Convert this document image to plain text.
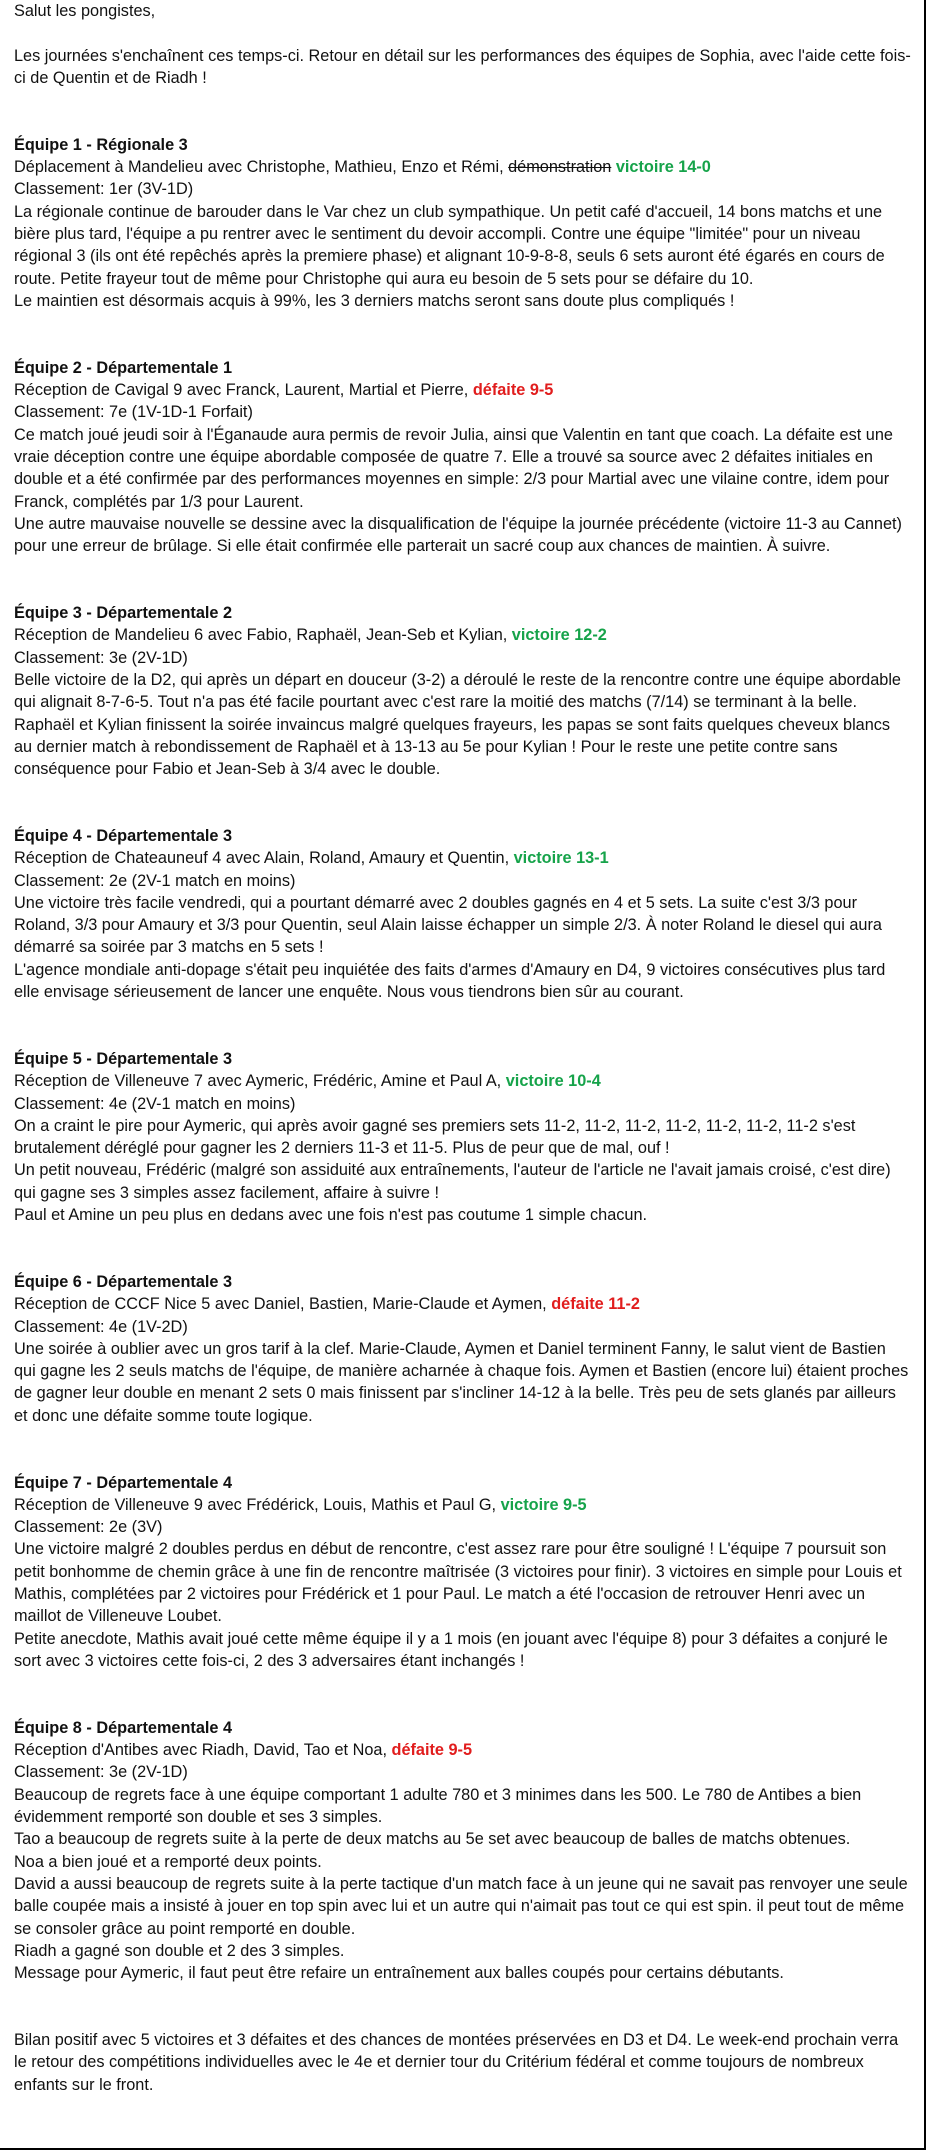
Salut les pongistes,

Les journées s'enchaînent ces temps-ci. Retour en détail sur les performances des équipes de Sophia, avec l'aide cette fois-ci de Quentin et de Riadh !

Équipe 1 - Régionale 3

Déplacement à Mandelieu avec Christophe, Mathieu, Enzo et Rémi, démonstration victoire 14-0

Classement: 1er (3V-1D)

La régionale continue de barouder dans le Var chez un club sympathique. Un petit café d'accueil, 14 bons matchs et une bière plus tard, l'équipe a pu rentrer avec le sentiment du devoir accompli. Contre une équipe "limitée" pour un niveau régional 3 (ils ont été repêchés après la premiere phase) et alignant 10-9-8-8, seuls 6 sets auront été égarés en cours de route. Petite frayeur tout de même pour Christophe qui aura eu besoin de 5 sets pour se défaire du 10.

Le maintien est désormais acquis à 99%, les 3 derniers matchs seront sans doute plus compliqués !

Équipe 2 - Départementale 1

Réception de Cavigal 9 avec Franck, Laurent, Martial et Pierre, défaite 9-5

Classement: 7e (1V-1D-1 Forfait)

Ce match joué jeudi soir à l'Éganaude aura permis de revoir Julia, ainsi que Valentin en tant que coach. La défaite est une vraie déception contre une équipe abordable composée de quatre 7. Elle a trouvé sa source avec 2 défaites initiales en double et a été confirmée par des performances moyennes en simple: 2/3 pour Martial avec une vilaine contre, idem pour Franck, complétés par 1/3 pour Laurent.

Une autre mauvaise nouvelle se dessine avec la disqualification de l'équipe la journée précédente (victoire 11-3 au Cannet) pour une erreur de brûlage. Si elle était confirmée elle parterait un sacré coup aux chances de maintien. À suivre.

Équipe 3 - Départementale 2

Réception de Mandelieu 6 avec Fabio, Raphaël, Jean-Seb et Kylian, victoire 12-2

Classement: 3e (2V-1D)

Belle victoire de la D2, qui après un départ en douceur (3-2) a déroulé le reste de la rencontre contre une équipe abordable qui alignait 8-7-6-5. Tout n'a pas été facile pourtant avec c'est rare la moitié des matchs (7/14) se terminant à la belle.

Raphaël et Kylian finissent la soirée invaincus malgré quelques frayeurs, les papas se sont faits quelques cheveux blancs au dernier match à rebondissement de Raphaël et à 13-13 au 5e pour Kylian ! Pour le reste une petite contre sans conséquence pour Fabio et Jean-Seb à 3/4 avec le double.

Équipe 4 - Départementale 3

Réception de Chateauneuf 4 avec Alain, Roland, Amaury et Quentin, victoire 13-1

Classement: 2e (2V-1 match en moins)

Une victoire très facile vendredi, qui a pourtant démarré avec 2 doubles gagnés en 4 et 5 sets. La suite c'est 3/3 pour Roland, 3/3 pour Amaury et 3/3 pour Quentin, seul Alain laisse échapper un simple 2/3. À noter Roland le diesel qui aura démarré sa soirée par 3 matchs en 5 sets !

L'agence mondiale anti-dopage s'était peu inquiétée des faits d'armes d'Amaury en D4, 9 victoires consécutives plus tard elle envisage sérieusement de lancer une enquête. Nous vous tiendrons bien sûr au courant.

Équipe 5 - Départementale 3

Réception de Villeneuve 7 avec Aymeric, Frédéric, Amine et Paul A, victoire 10-4

Classement: 4e (2V-1 match en moins)

On a craint le pire pour Aymeric, qui après avoir gagné ses premiers sets 11-2, 11-2, 11-2, 11-2, 11-2, 11-2, 11-2 s'est brutalement déréglé pour gagner les 2 derniers 11-3 et 11-5. Plus de peur que de mal, ouf !

Un petit nouveau, Frédéric (malgré son assiduité aux entraînements, l'auteur de l'article ne l'avait jamais croisé, c'est dire) qui gagne ses 3 simples assez facilement, affaire à suivre !

Paul et Amine un peu plus en dedans avec une fois n'est pas coutume 1 simple chacun.

Équipe 6 - Départementale 3

Réception de CCCF Nice 5 avec Daniel, Bastien, Marie-Claude et Aymen, défaite 11-2

Classement: 4e (1V-2D)

Une soirée à oublier avec un gros tarif à la clef. Marie-Claude, Aymen et Daniel terminent Fanny, le salut vient de Bastien qui gagne les 2 seuls matchs de l'équipe, de manière acharnée à chaque fois. Aymen et Bastien (encore lui) étaient proches de gagner leur double en menant 2 sets 0 mais finissent par s'incliner 14-12 à la belle. Très peu de sets glanés par ailleurs et donc une défaite somme toute logique.

Équipe 7 - Départementale 4

Réception de Villeneuve 9 avec Frédérick, Louis, Mathis et Paul G, victoire 9-5

Classement: 2e (3V)

Une victoire malgré 2 doubles perdus en début de rencontre, c'est assez rare pour être souligné ! L'équipe 7 poursuit son petit bonhomme de chemin grâce à une fin de rencontre maîtrisée (3 victoires pour finir). 3 victoires en simple pour Louis et Mathis, complétées par 2 victoires pour Frédérick et 1 pour Paul. Le match a été l'occasion de retrouver Henri avec un maillot de Villeneuve Loubet.

Petite anecdote, Mathis avait joué cette même équipe il y a 1 mois (en jouant avec l'équipe 8) pour 3 défaites a conjuré le sort avec 3 victoires cette fois-ci, 2 des 3 adversaires étant inchangés !

Équipe 8 - Départementale 4

Réception d'Antibes avec Riadh, David, Tao et Noa, défaite 9-5

Classement: 3e (2V-1D)

Beaucoup de regrets face à une équipe comportant 1 adulte 780 et 3 minimes dans les 500. Le 780 de Antibes a bien évidemment remporté son double et ses 3 simples.

Tao a beaucoup de regrets suite à la perte de deux matchs au 5e set avec beaucoup de balles de matchs obtenues.

Noa a bien joué et a remporté deux points.

David a aussi beaucoup de regrets suite à la perte tactique d'un match face à un jeune qui ne savait pas renvoyer une seule balle coupée mais a insisté à jouer en top spin avec lui et un autre qui n'aimait pas tout ce qui est spin. il peut tout de même se consoler grâce au point remporté en double.

Riadh a gagné son double et 2 des 3 simples.

Message pour Aymeric, il faut peut être refaire un entraînement aux balles coupés pour certains débutants.

Bilan positif avec 5 victoires et 3 défaites et des chances de montées préservées en D3 et D4. Le week-end prochain verra le retour des compétitions individuelles avec le 4e et dernier tour du Critérium fédéral et comme toujours de nombreux enfants sur le front.
